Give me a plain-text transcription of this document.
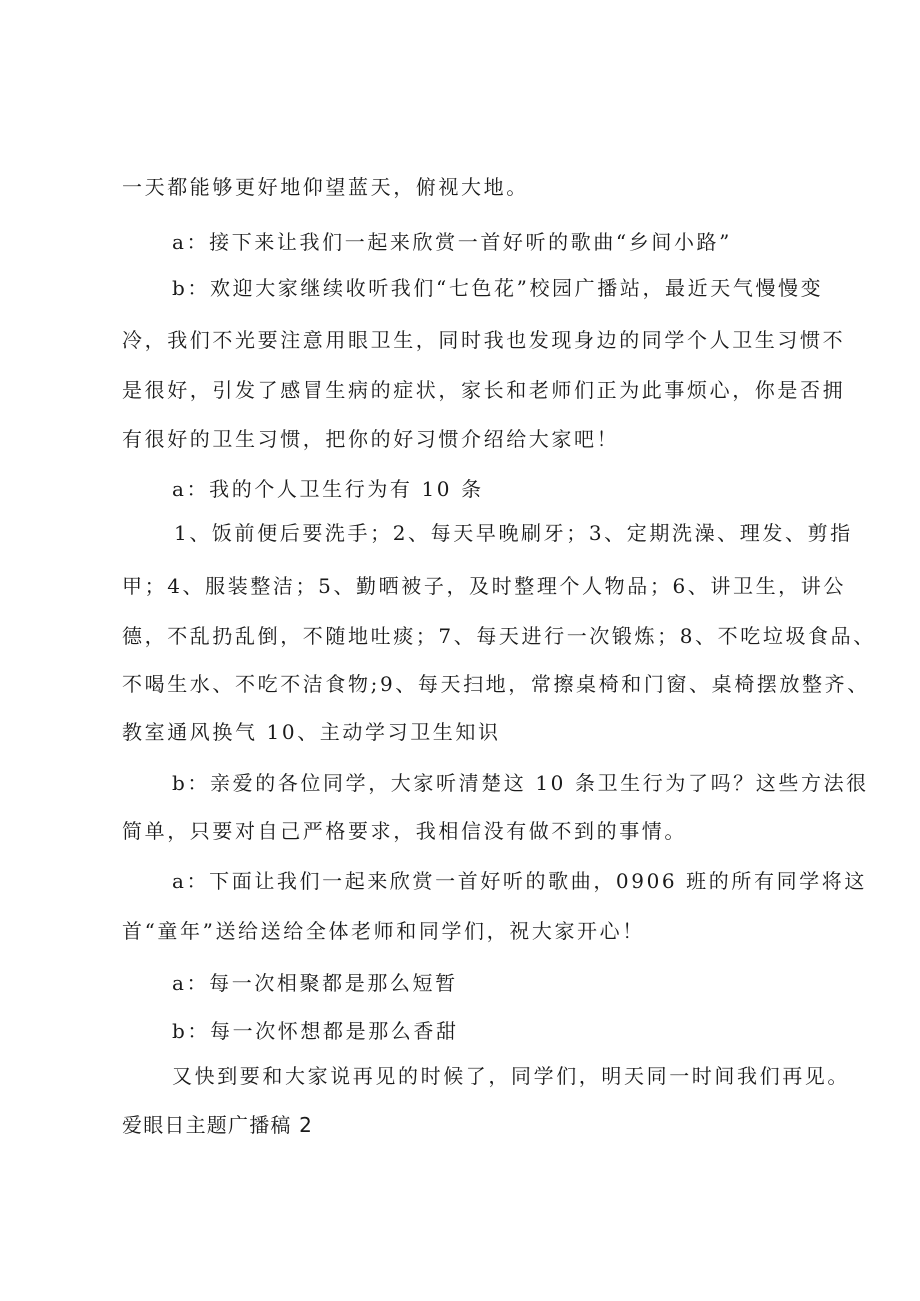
一天都能够更好地仰望蓝天，俯视大地。

a：接下来让我们一起来欣赏一首好听的歌曲“乡间小路”

b：欢迎大家继续收听我们“七色花”校园广播站，最近天气慢慢变

冷，我们不光要注意用眼卫生，同时我也发现身边的同学个人卫生习惯不

是很好，引发了感冒生病的症状，家长和老师们正为此事烦心，你是否拥

有很好的卫生习惯，把你的好习惯介绍给大家吧！

a：我的个人卫生行为有 10 条

1、饭前便后要洗手；2、每天早晚刷牙；3、定期洗澡、理发、剪指

甲；4、服装整洁；5、勤晒被子，及时整理个人物品；6、讲卫生，讲公

德，不乱扔乱倒，不随地吐痰；7、每天进行一次锻炼；8、不吃垃圾食品、

不喝生水、不吃不洁食物;9、每天扫地，常擦桌椅和门窗、桌椅摆放整齐、

教室通风换气 10、主动学习卫生知识

b：亲爱的各位同学，大家听清楚这 10 条卫生行为了吗？这些方法很

简单，只要对自己严格要求，我相信没有做不到的事情。

a：下面让我们一起来欣赏一首好听的歌曲，0906 班的所有同学将这

首“童年”送给送给全体老师和同学们，祝大家开心！

a：每一次相聚都是那么短暂

b：每一次怀想都是那么香甜

又快到要和大家说再见的时候了，同学们，明天同一时间我们再见。

爱眼日主题广播稿 2
